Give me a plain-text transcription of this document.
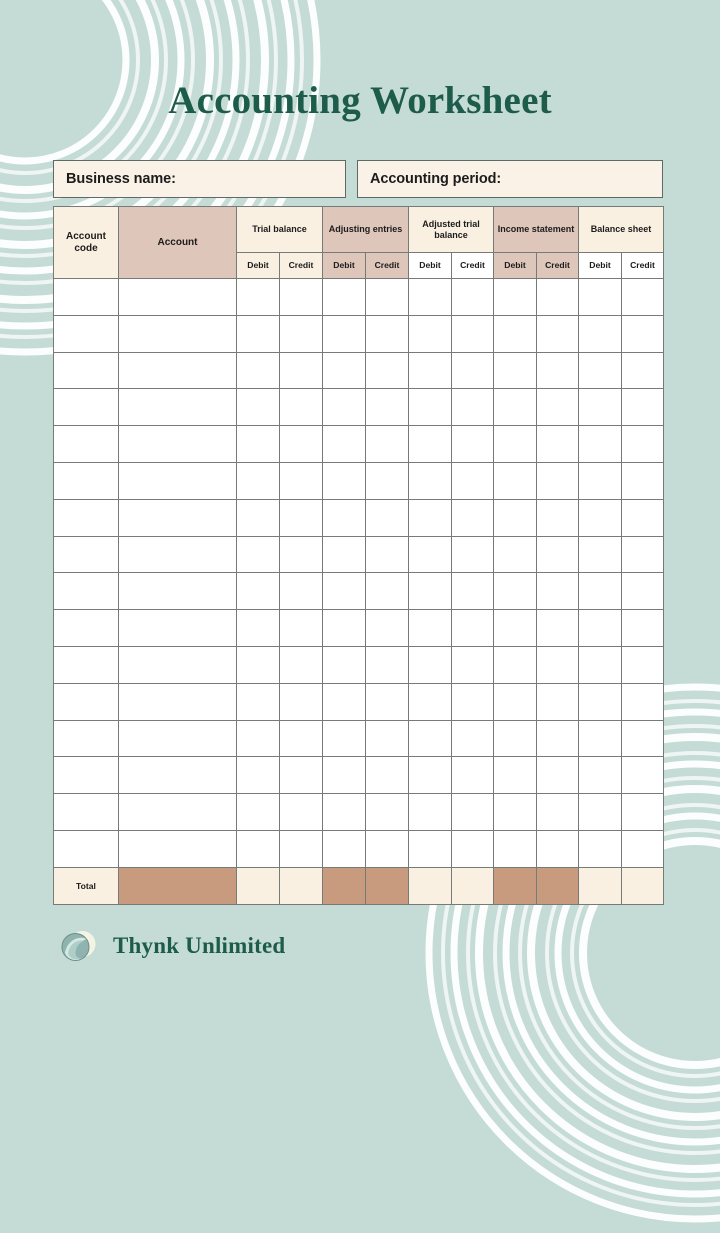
Accounting Worksheet
Business name:	Accounting period:
Account code	Account	Trial balance		Adjusting entries		Adjusted trial balance		Income statement		Balance sheet	
		Debit	Credit	Debit	Credit	Debit	Credit	Debit	Credit	Debit	Credit

Total											
Thynk Unlimited
